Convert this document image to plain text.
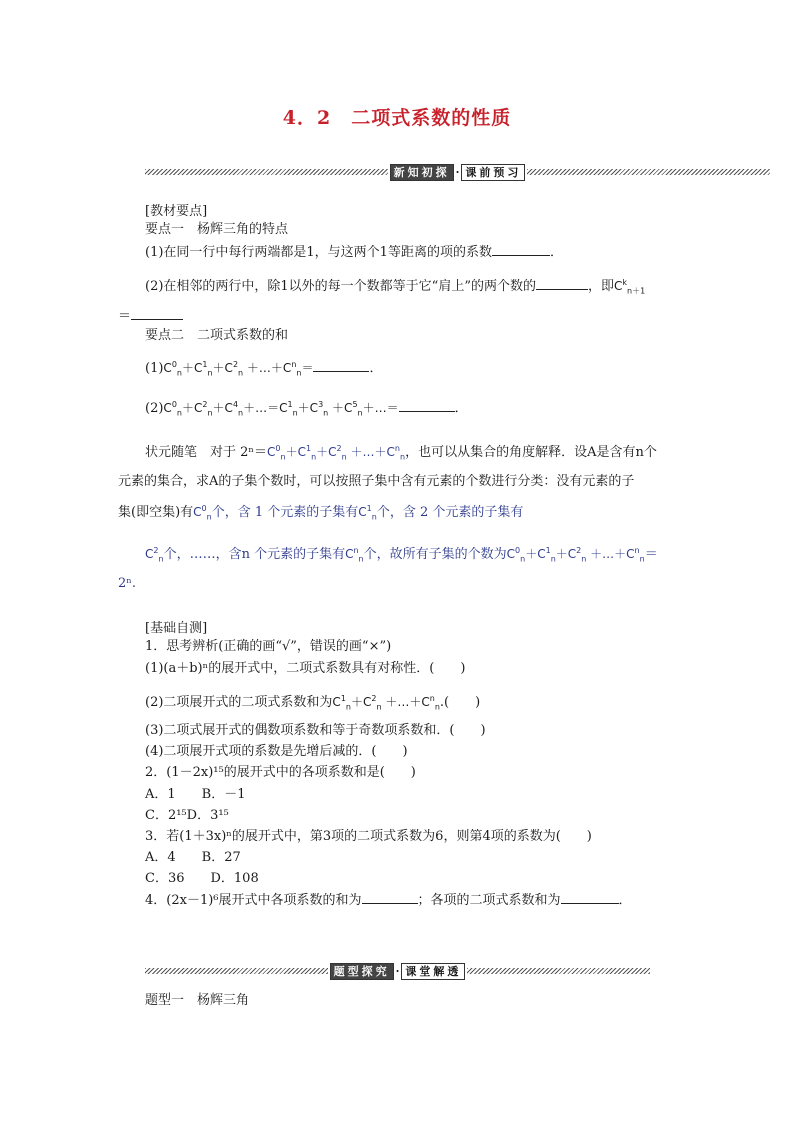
4．2　二项式系数的性质
新知初探 · 课前预习
[教材要点]
要点一　杨辉三角的特点
(1)在同一行中每行两端都是1，与这两个1等距离的项的系数	．
(2)在相邻的两行中，除1以外的每一个数都等于它“肩上”的两个数的	，即$C^k_{n+1}$
＝
要点二　二项式系数的和
$(1)C^0_n+C^1_n+C^2_n$ $+\dots+C^n_n=$	．
$(2)C^0_n+C^2_n+C^4_n+\dots=C^1_n+C^3_n$ $+C^5_n+\dots=$	．
状元随笔　对于 $2^n=C^0_n+C^1_n+C^2_n$ $+\dots+C^n_n$，也可以从集合的角度解释．设A是含有n个
元素的集合，求A的子集个数时，可以按照子集中含有元素的个数进行分类：没有元素的子
集(即空集)有$C^0_n$个，含 1 个元素的子集有$C^1_n$个，含 2 个元素的子集有
$C^2_n$个，……，含n 个元素的子集有$C^n_n$个，故所有子集的个数为$C^0_n+C^1_n+C^2_n$ $+\dots+C^n_n=$
2ⁿ.
[基础自测]
1．思考辨析(正确的画“√”，错误的画“×”)
(1)(a＋b)ⁿ的展开式中，二项式系数具有对称性．(　　)
(2)二项展开式的二项式系数和为$C^1_n+C^2_n$ $+\dots+C^n_n$.(　　)
(3)二项式展开式的偶数项系数和等于奇数项系数和．(　　)
(4)二项展开式项的系数是先增后减的．(　　)
2．(1－2x)¹⁵的展开式中的各项系数和是(　　)
A．1　　B．－1
C．2¹⁵D．3¹⁵
3．若(1＋3x)ⁿ的展开式中，第3项的二项式系数为6，则第4项的系数为(　　)
A．4　　B．27
C．36　　D．108
4．(2x－1)⁶展开式中各项系数的和为	；各项的二项式系数和为	．
题型探究 · 课堂解透
题型一　杨辉三角
